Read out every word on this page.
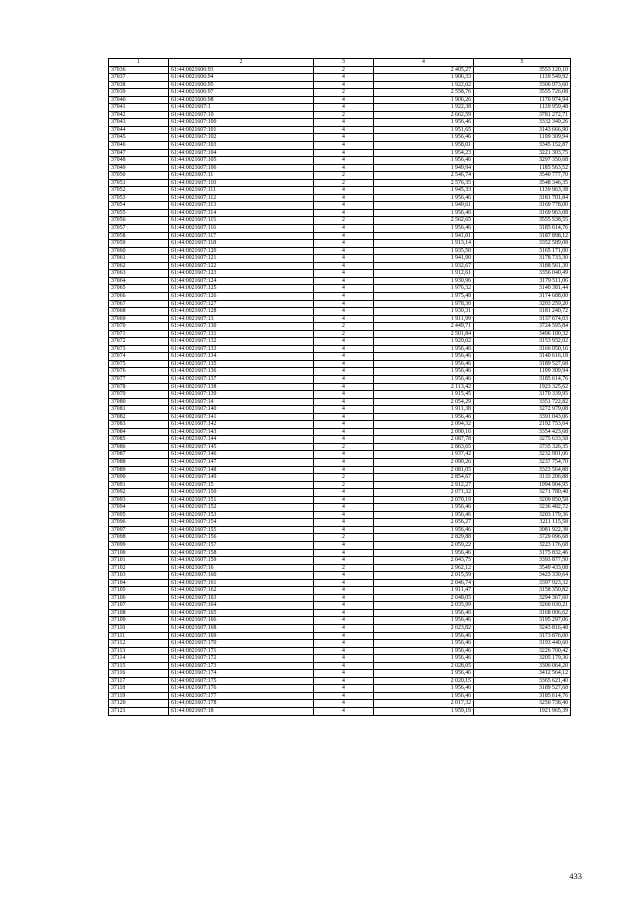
1	2	3	4	5
37036	61:44:0021606:93	2	2 405,27	3553 120,10
37037	61:44:0021606:94	4	1 906,33	1139 549,92
37038	61:44:0021606:95	4	1 922,02	3306 973,60
37039	61:44:0021606:97	2	2 558,76	3555 726,08
37040	61:44:0021606:98	4	1 906,26	1170 974,94
37041	61:44:0021607:1	4	1 922,38	1139 959,48
37042	61:44:0021607:10	2	2 662,59	3781 272,71
37043	61:44:0021607:100	4	1 956,46	3332 349,26
37044	61:44:0021607:101	4	1 951,65	3143 666,90
37045	61:44:0021607:102	4	1 956,46	1199 309,94
37046	61:44:0021607:103	4	1 958,01	3345 152,87
37047	61:44:0021607:104	4	1 954,23	3221 303,75
37048	61:44:0021607:105	4	1 956,46	3297 350,68
37049	61:44:0021607:106	4	1 949,94	1185 563,52
37050	61:44:0021607:11	2	2 546,74	3540 777,70
37051	61:44:0021607:110	2	2 576,35	3548 346,35
37052	61:44:0021607:111	4	1 945,33	1139 963,38
37053	61:44:0021607:112	4	1 956,46	3181 701,84
37054	61:44:0021607:113	4	1 949,61	3169 778,00
37055	61:44:0021607:114	4	1 956,46	3169 963,08
37056	61:44:0021607:115	2	2 562,65	3555 538,55
37057	61:44:0021607:116	4	1 956,46	3185 614,76
37058	61:44:0021607:117	4	1 941,01	3187 898,12
37059	61:44:0021607:118	4	1 913,14	3352 589,08
37060	61:44:0021607:120	4	1 935,50	3165 171,00
37061	61:44:0021607:121	4	1 941,90	3178 733,30
37062	61:44:0021607:122	4	1 932,67	3188 561,30
37063	61:44:0021607:123	4	1 912,61	3356 040,49
37064	61:44:0021607:124	4	1 930,96	3179 511,06
37065	61:44:0021607:125	4	1 976,32	3140 381,44
37066	61:44:0021607:126	4	1 975,48	3174 688,00
37067	61:44:0021607:127	4	1 978,30	3203 259,20
37068	61:44:0021607:128	4	1 930,31	3181 240,72
37069	61:44:0021607:13	4	1 911,99	3137 674,03
37070	61:44:0021607:130	2	2 449,71	3724 595,84
37071	61:44:0021607:131	2	2 501,84	3496 100,32
37072	61:44:0021607:132	4	1 920,02	3153 932,02
37073	61:44:0021607:133	4	1 956,46	3166 050,16
37074	61:44:0021607:134	4	1 956,46	3140 616,18
37075	61:44:0021607:135	4	1 956,46	3189 527,68
37076	61:44:0021607:136	4	1 956,46	1199 309,94
37077	61:44:0021607:137	4	1 956,46	3185 614,76
37078	61:44:0021607:138	4	2 113,42	1923 325,62
37079	61:44:0021607:139	4	1 915,45	3170 339,95
37080	61:44:0021607:14	4	2 054,29	3351 722,82
37081	61:44:0021607:140	4	1 911,38	3272 979,08
37082	61:44:0021607:141	4	1 956,46	3391 043,06
37083	61:44:0021607:142	4	2 094,32	2192 753,04
37084	61:44:0021607:143	4	2 090,16	3354 423,68
37085	61:44:0021607:144	4	2 087,78	3275 633,58
37086	61:44:0021607:145	2	2 863,65	3735 326,35
37087	61:44:0021607:146	4	1 937,42	3232 901,06
37088	61:44:0021607:147	4	2 090,26	3237 754,70
37089	61:44:0021607:148	4	2 081,05	3323 564,88
37090	61:44:0021607:149	2	2 854,67	3133 206,88
37091	61:44:0021607:15	2	2 912,27	1994 904,95
37092	61:44:0021607:150	4	2 071,32	3271 780,48
37093	61:44:0021607:151	4	2 070,19	3209 850,58
37094	61:44:0021607:152	4	1 956,46	3236 482,72
37095	61:44:0021607:153	4	1 956,46	3203 179,36
37096	61:44:0021607:154	4	2 056,27	3211 115,58
37097	61:44:0021607:155	4	1 956,46	3081 922,38
37098	61:44:0021607:156	2	2 829,88	3729 096,68
37099	61:44:0021607:157	4	2 059,22	3223 176,68
37100	61:44:0021607:158	4	1 956,46	3175 832,46
37101	61:44:0021607:159	4	2 043,75	3393 877,50
37102	61:44:0021607:16	2	2 962,12	3549 433,08
37103	61:44:0021607:160	4	2 015,59	3423 330,64
37104	61:44:0021607:161	4	2 046,74	3397 923,32
37105	61:44:0021607:162	4	1 911,47	3158 350,82
37106	61:44:0021607:163	4	2 048,05	3294 367,60
37107	61:44:0021607:164	4	2 035,99	3260 030,21
37108	61:44:0021607:165	4	1 956,46	3168 006,62
37109	61:44:0021607:166	4	1 956,46	3195 297,06
37110	61:44:0021607:168	4	2 023,82	3243 816,48
37111	61:44:0021607:169	4	1 956,46	3173 876,00
37112	61:44:0021607:170	4	1 956,46	3193 440,60
37113	61:44:0021607:171	4	1 956,46	3226 700,42
37114	61:44:0021607:172	4	1 956,46	3205 179,36
37115	61:44:0021607:173	4	2 028,05	3306 064,20
37116	61:44:0021607:174	4	1 956,46	3412 564,12
37117	61:44:0021607:175	4	2 020,15	3365 621,40
37118	61:44:0021607:176	4	1 956,46	3189 527,68
37119	61:44:0021607:177	4	1 956,46	3185 614,76
37120	61:44:0021607:178	4	2 017,32	3250 738,40
37121	61:44:0021607:18	4	1 959,19	1921 965,39
433
